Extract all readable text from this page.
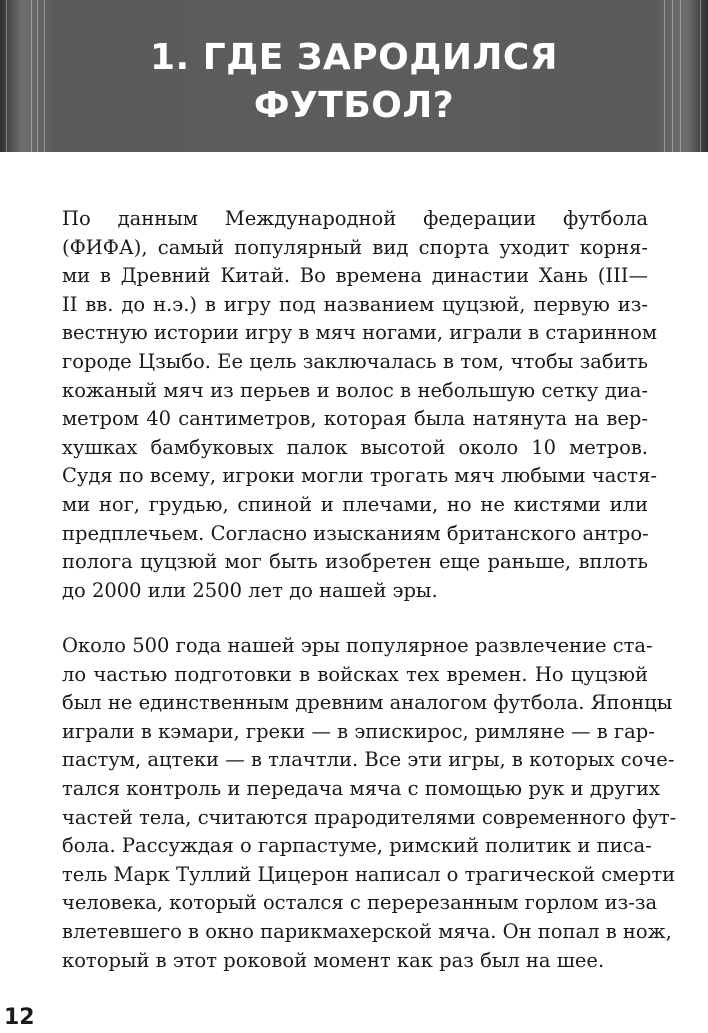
1. ГДЕ ЗАРОДИЛСЯ
ФУТБОЛ?
По данным Международной федерации футбола
(ФИФА), самый популярный вид спорта уходит корня-
ми в Древний Китай. Во времена династии Хань (III—
II вв. до н.э.) в игру под названием цуцзюй, первую из-
вестную истории игру в мяч ногами, играли в старинном
городе Цзыбо. Ее цель заключалась в том, чтобы забить
кожаный мяч из перьев и волос в небольшую сетку диа-
метром 40 сантиметров, которая была натянута на вер-
хушках бамбуковых палок высотой около 10 метров.
Судя по всему, игроки могли трогать мяч любыми частя-
ми ног, грудью, спиной и плечами, но не кистями или
предплечьем. Согласно изысканиям британского антро-
полога цуцзюй мог быть изобретен еще раньше, вплоть
до 2000 или 2500 лет до нашей эры.
Около 500 года нашей эры популярное развлечение ста-
ло частью подготовки в войсках тех времен. Но цуцзюй
был не единственным древним аналогом футбола. Японцы
играли в кэмари, греки — в эпискирос, римляне — в гар-
пастум, ацтеки — в тлачтли. Все эти игры, в которых соче-
тался контроль и передача мяча с помощью рук и других
частей тела, считаются прародителями современного фут-
бола. Рассуждая о гарпастуме, римский политик и писа-
тель Марк Туллий Цицерон написал о трагической смерти
человека, который остался с перерезанным горлом из-за
влетевшего в окно парикмахерской мяча. Он попал в нож,
который в этот роковой момент как раз был на шее.
12
